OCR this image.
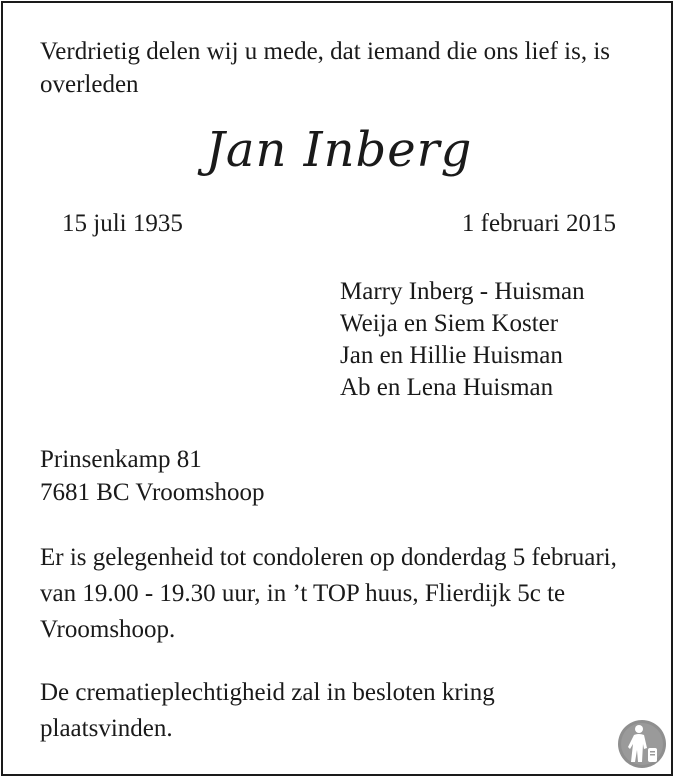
Verdrietig delen wij u mede, dat iemand die ons lief is, is overleden

Jan Inberg
15 juli 1935	1 februari 2015
Marry Inberg - Huisman
Weija en Siem Koster
Jan en Hillie Huisman
Ab en Lena Huisman
Prinsenkamp 81
7681 BC Vroomshoop

Er is gelegenheid tot condoleren op donderdag 5 februari, van 19.00 - 19.30 uur, in ’t TOP huus, Flierdijk 5c te Vroomshoop.

De crematieplechtigheid zal in besloten kring plaatsvinden.
